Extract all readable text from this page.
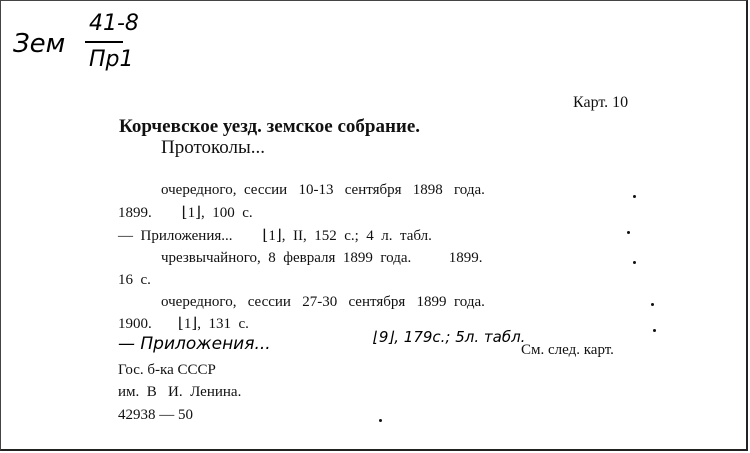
Зем
41-8
Пр1
Карт. 10
Корчевское уезд. земское собрание.
Протоколы...
очередного,  сессии   10-13   сентября   1898   года.
1899.        ⌊1⌋,  100  с.
—  Приложения...        ⌊1⌋,  II,  152  с.;  4  л.  табл.
чрезвычайного,  8  февраля  1899  года.          1899.
16  с.
очередного,   сессии   27-30   сентября   1899  года.
1900.       ⌊1⌋,  131  с.
— Приложения...	⌊9⌋, 179с.; 5л. табл.
См. след. карт.
Гос. б-ка СССР
им.  В   И.  Ленина.
42938 — 50
